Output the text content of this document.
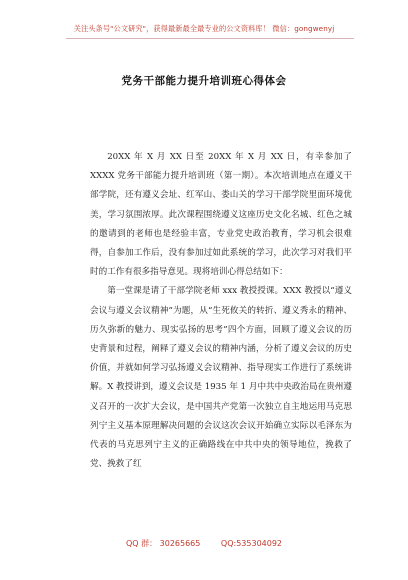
关注头条号"公文研究"，获得最新最全最专业的公文资料库！ 微信：gongwenyj
党务干部能力提升培训班心得体会

20XX 年 X 月 XX 日至 20XX 年 X 月 XX 日，有幸参加了 XXXX 党务干部能力提升培训班（第一期）。本次培训地点在遵义干部学院，还有遵义会址、红军山、娄山关的学习干部学院里面环境优美，学习氛围浓厚。此次课程围绕遵义这座历史文化名城、红色之城的邀请到的老师也是经验丰富，专业党史政治教育，学习机会很难得，自参加工作后，没有参加过如此系统的学习，此次学习对我们平时的工作有很多指导意见。现将培训心得总结如下：

第一堂课是请了干部学院老师 xxx 教授授课。XXX 教授以“遵义会议与遵义会议精神”为题，从“生死攸关的转折、遵义秀永的精神、历久弥新的魅力、现实弘扬的思考”四个方面，回顾了遵义会议的历史背景和过程，阐释了遵义会议的精神内涵，分析了遵义会议的历史价值，并就如何学习弘扬遵义会议精神、指导现实工作进行了系统讲解。X 教授讲到，遵义会议是 1935 年 1 月中共中央政治局在贵州遵义召开的一次扩大会议，是中国共产党第一次独立自主地运用马克思列宁主义基本原理解决问题的会议这次会议开始确立实际以毛泽东为代表的马克思列宁主义的正确路线在中共中央的领导地位，挽救了党、挽救了红

QQ 群： 30265665	QQ:535304092
